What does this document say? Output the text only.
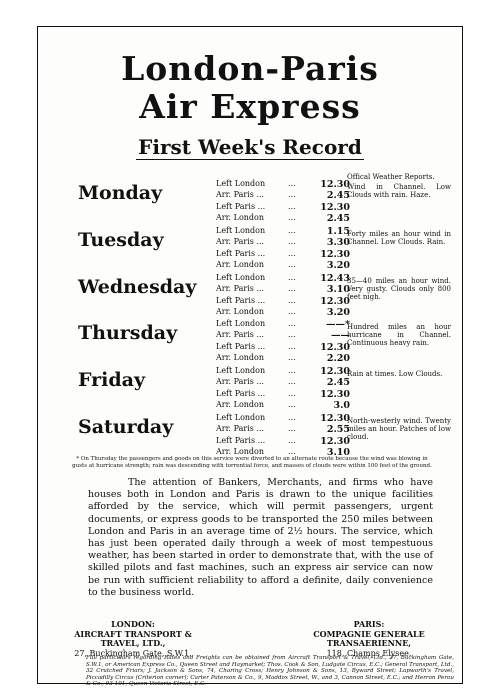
London-Paris
Air Express
First Week's Record
Offical Weather Reports.
Monday	Left London	...	12.30
Arr. Paris ...	...	2.45
Left Paris ...	...	12.30
Arr. London	...	2.45
Wind in Channel. Low Clouds with rain. Haze.
Tuesday	Left London	...	1.15
Arr. Paris ...	...	3.30
Left Paris ...	...	12.30
Arr. London	...	3.20
Forty miles an hour wind in Channel. Low Clouds. Rain.
Wednesday Left London	...	12.43
Arr. Paris ...	...	3.10
Left Paris ...	...	12.30
Arr. London	...	3.20
35—40 miles an hour wind. Very gusty. Clouds only 800 feet nigh.
Thursday	Left London	...	——*
Arr. Paris ...	...	——
Left Paris ...	...	12.30
Arr. London	...	2.20
Hundred miles an hour hurricane in Channel. Continuous heavy rain.
Friday	Left London	...	12.30
Arr. Paris ...	...	2.45
Left Paris ...	...	12.30
Arr. London	...	3.0
Rain at times. Low Clouds.
Saturday	Left London	...	12.30
Arr. Paris ...	...	2.55
Left Paris ...	...	12.30
Arr. London	...	3.10
North-westerly wind. Twenty miles an hour. Patches of low cloud.
* On Thursday the passengers and goods on this service were diverted to an alternate route because the wind was blowing in gusts at hurricane strength; rain was descending with torrential force, and masses of clouds were within 100 feet of the ground.
The attention of Bankers, Merchants, and firms who have houses both in London and Paris is drawn to the unique facilities afforded by the service, which will permit passengers, urgent documents, or express goods to be transported the 250 miles between London and Paris in an average time of 2½ hours. The service, which has just been operated daily through a week of most tempestuous weather, has been started in order to demonstrate that, with the use of skilled pilots and fast machines, such an express air service can now be run with sufficient reliability to afford a definite, daily convenience to the business world.
LONDON:
AIRCRAFT TRANSPORT &
TRAVEL, LTD.,
27, Buckingham Gate, S.W.1.
PARIS:
COMPAGNIE GENERALE
TRANSAERIENNE,
118, Champs Elysee.
Full particulars regarding Rates and Freights can be obtained from Aircraft Transport & Travel, Ltd., 27, Buckingham Gate, S.W.1, or American Express Co., Queen Street and Haymarket; Thos. Cook & Son, Ludgate Circus, E.C.; General Transport, Ltd., 32 Crutched Friars; J. Jackson & Sons, 74, Charing Cross; Henry Johnson & Sons, 13, Byward Street; Lapworth's Travel, Piccadilly Circus (Criterion corner); Carter Paterson & Co., 9, Maddox Street, W., and 3, Cannon Street, E.C.; and Herron Perou & Co., 93-101, Queen Victoria Street, E.C.
